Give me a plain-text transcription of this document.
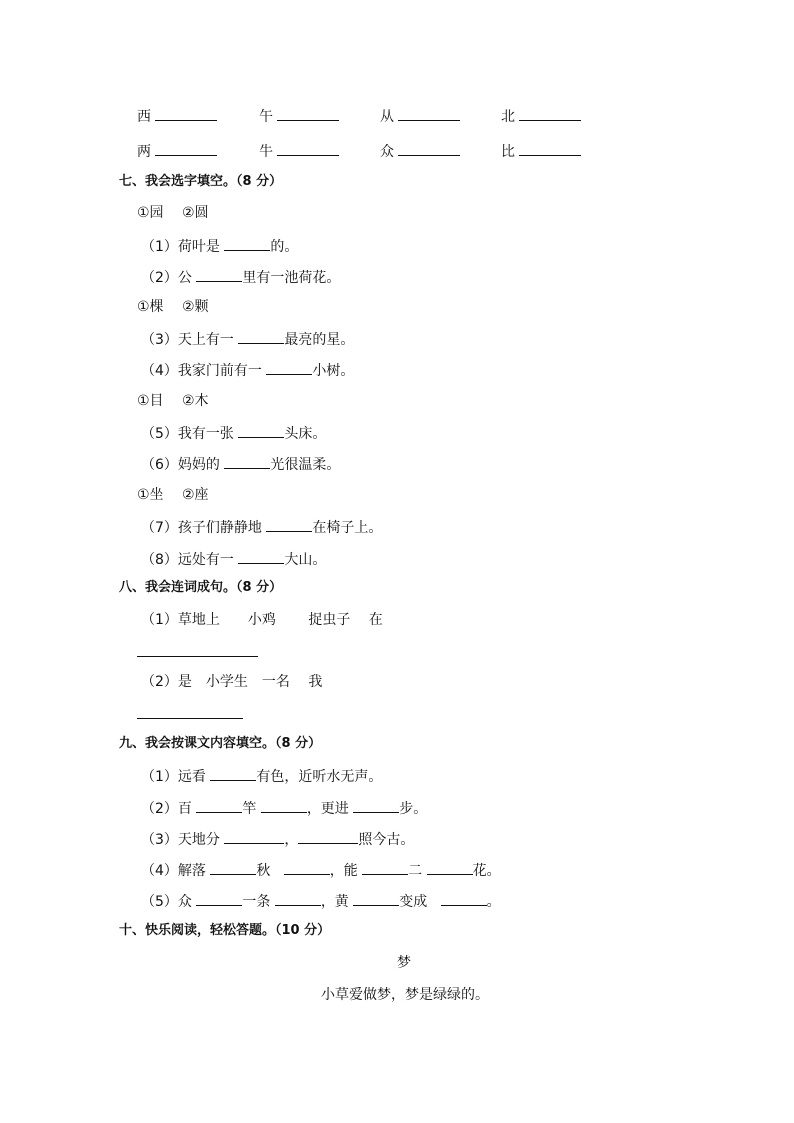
西	午	从	北
两	牛	众	比
七、我会选字填空。（8 分）
①园　 ②圆
（1）荷叶是	的。
（2）公	里有一池荷花。
①棵　 ②颗
（3）天上有一	最亮的星。
（4）我家门前有一	小树。
①目　 ②木
（5）我有一张	头床。
（6）妈妈的	光很温柔。
①坐　 ②座
（7）孩子们静静地	在椅子上。
（8）远处有一	大山。
八、我会连词成句。（8 分）
（1）草地上　　小鸡　　 捉虫子　 在
（2）是　小学生　一名　 我
九、我会按课文内容填空。（8 分）
（1）远看	有色，近听水无声。
（2）百	竿	，更进	步。
（3）天地分	，	照今古。
（4）解落	秋	，能	二	花。
（5）众	一条	，黄	变成	。
十、快乐阅读，轻松答题。（10 分）
梦
小草爱做梦，梦是绿绿的。
